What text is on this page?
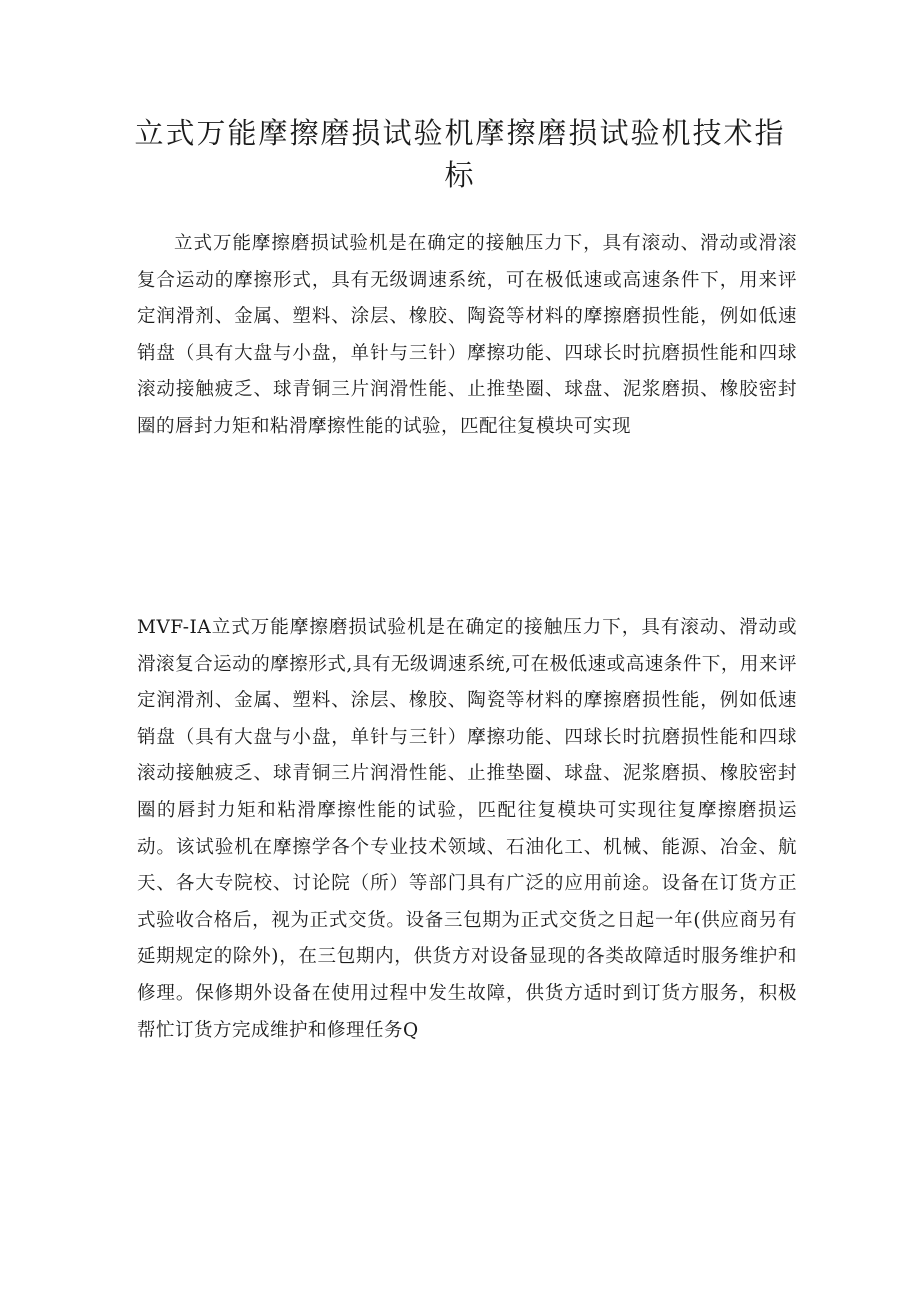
立式万能摩擦磨损试验机摩擦磨损试验机技术指标

立式万能摩擦磨损试验机是在确定的接触压力下，具有滚动、滑动或滑滚复合运动的摩擦形式，具有无级调速系统，可在极低速或高速条件下，用来评定润滑剂、金属、塑料、涂层、橡胶、陶瓷等材料的摩擦磨损性能，例如低速销盘（具有大盘与小盘，单针与三针）摩擦功能、四球长时抗磨损性能和四球滚动接触疲乏、球青铜三片润滑性能、止推垫圈、球盘、泥浆磨损、橡胶密封圈的唇封力矩和粘滑摩擦性能的试验，匹配往复模块可实现

MVF-IA立式万能摩擦磨损试验机是在确定的接触压力下，具有滚动、滑动或滑滚复合运动的摩擦形式,具有无级调速系统,可在极低速或高速条件下，用来评定润滑剂、金属、塑料、涂层、橡胶、陶瓷等材料的摩擦磨损性能，例如低速销盘（具有大盘与小盘，单针与三针）摩擦功能、四球长时抗磨损性能和四球滚动接触疲乏、球青铜三片润滑性能、止推垫圈、球盘、泥浆磨损、橡胶密封圈的唇封力矩和粘滑摩擦性能的试验，匹配往复模块可实现往复摩擦磨损运动。该试验机在摩擦学各个专业技术领域、石油化工、机械、能源、冶金、航天、各大专院校、讨论院（所）等部门具有广泛的应用前途。设备在订货方正式验收合格后，视为正式交货。设备三包期为正式交货之日起一年(供应商另有延期规定的除外)，在三包期内，供货方对设备显现的各类故障适时服务维护和修理。保修期外设备在使用过程中发生故障，供货方适时到订货方服务，积极帮忙订货方完成维护和修理任务Q
